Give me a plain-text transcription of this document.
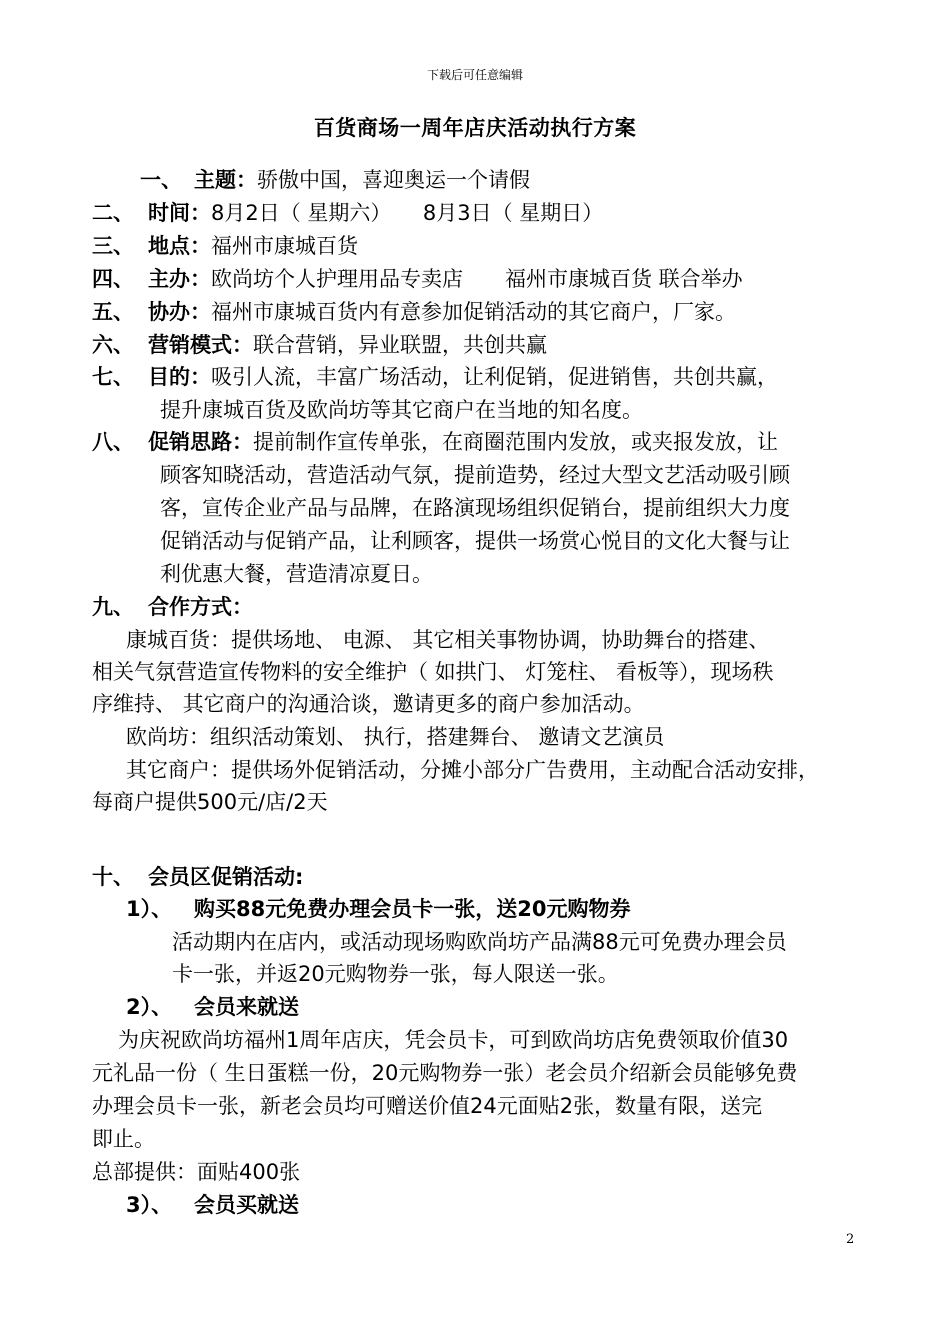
下载后可任意编辑
百货商场一周年店庆活动执行方案
一、 主题：骄傲中国，喜迎奥运一个请假
二、 时间：8月2日（ 星期六）　　8月3日（ 星期日）
三、 地点：福州市康城百货
四、 主办：欧尚坊个人护理用品专卖店　　福州市康城百货 联合举办
五、 协办：福州市康城百货内有意参加促销活动的其它商户，厂家。
六、 营销模式：联合营销，异业联盟，共创共赢
七、 目的：吸引人流，丰富广场活动，让利促销，促进销售，共创共赢，
提升康城百货及欧尚坊等其它商户在当地的知名度。
八、 促销思路：提前制作宣传单张，在商圈范围内发放，或夹报发放，让
顾客知晓活动，营造活动气氛，提前造势，经过大型文艺活动吸引顾
客，宣传企业产品与品牌，在路演现场组织促销台，提前组织大力度
促销活动与促销产品，让利顾客，提供一场赏心悦目的文化大餐与让
利优惠大餐，营造清凉夏日。
九、 合作方式：
康城百货：提供场地、 电源、 其它相关事物协调，协助舞台的搭建、
相关气氛营造宣传物料的安全维护（ 如拱门、 灯笼柱、 看板等），现场秩
序维持、 其它商户的沟通洽谈，邀请更多的商户参加活动。
欧尚坊：组织活动策划、 执行，搭建舞台、 邀请文艺演员
其它商户：提供场外促销活动，分摊小部分广告费用，主动配合活动安排，
每商户提供500元/店/2天
十、 会员区促销活动:
1）、 购买88元免费办理会员卡一张，送20元购物券
活动期内在店内，或活动现场购欧尚坊产品满88元可免费办理会员
卡一张，并返20元购物券一张，每人限送一张。
2）、 会员来就送
为庆祝欧尚坊福州1周年店庆，凭会员卡，可到欧尚坊店免费领取价值30
元礼品一份（ 生日蛋糕一份，20元购物券一张）老会员介绍新会员能够免费
办理会员卡一张，新老会员均可赠送价值24元面贴2张，数量有限，送完
即止。
总部提供：面贴400张
3）、 会员买就送
2
